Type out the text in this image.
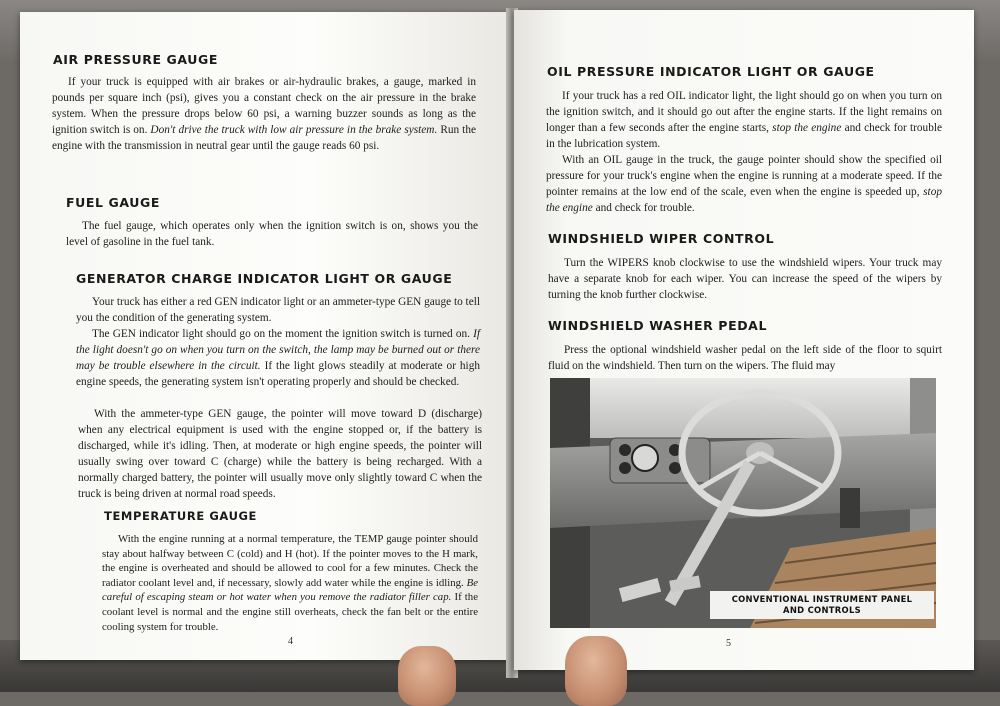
AIR PRESSURE GAUGE

If your truck is equipped with air brakes or air-hydraulic brakes, a gauge, marked in pounds per square inch (psi), gives you a constant check on the air pressure in the brake system. When the pressure drops below 60 psi, a warning buzzer sounds as long as the ignition switch is on. Don't drive the truck with low air pressure in the brake system. Run the engine with the transmission in neutral gear until the gauge reads 60 psi.

FUEL GAUGE

The fuel gauge, which operates only when the ignition switch is on, shows you the level of gasoline in the fuel tank.

GENERATOR CHARGE INDICATOR LIGHT OR GAUGE

Your truck has either a red GEN indicator light or an ammeter-type GEN gauge to tell you the condition of the generating system.

The GEN indicator light should go on the moment the ignition switch is turned on. If the light doesn't go on when you turn on the switch, the lamp may be burned out or there may be trouble elsewhere in the circuit. If the light glows steadily at moderate or high engine speeds, the generating system isn't operating properly and should be checked.

With the ammeter-type GEN gauge, the pointer will move toward D (discharge) when any electrical equipment is used with the engine stopped or, if the battery is discharged, while it's idling. Then, at moderate or high engine speeds, the pointer will usually swing over toward C (charge) while the battery is being recharged. With a normally charged battery, the pointer will usually move only slightly toward C when the truck is being driven at normal road speeds.

TEMPERATURE GAUGE

With the engine running at a normal temperature, the TEMP gauge pointer should stay about halfway between C (cold) and H (hot). If the pointer moves to the H mark, the engine is overheated and should be allowed to cool for a few minutes. Check the radiator coolant level and, if necessary, slowly add water while the engine is idling. Be careful of escaping steam or hot water when you remove the radiator filler cap. If the coolant level is normal and the engine still overheats, check the fan belt or the entire cooling system for trouble.

4
OIL PRESSURE INDICATOR LIGHT OR GAUGE

If your truck has a red OIL indicator light, the light should go on when you turn on the ignition switch, and it should go out after the engine starts. If the light remains on longer than a few seconds after the engine starts, stop the engine and check for trouble in the lubrication system.

With an OIL gauge in the truck, the gauge pointer should show the specified oil pressure for your truck's engine when the engine is running at a moderate speed. If the pointer remains at the low end of the scale, even when the engine is speeded up, stop the engine and check for trouble.

WINDSHIELD WIPER CONTROL

Turn the WIPERS knob clockwise to use the windshield wipers. Your truck may have a separate knob for each wiper. You can increase the speed of the wipers by turning the knob further clockwise.

WINDSHIELD WASHER PEDAL

Press the optional windshield washer pedal on the left side of the floor to squirt fluid on the windshield. Then turn on the wipers. The fluid may

CONVENTIONAL INSTRUMENT PANEL
AND CONTROLS
5
